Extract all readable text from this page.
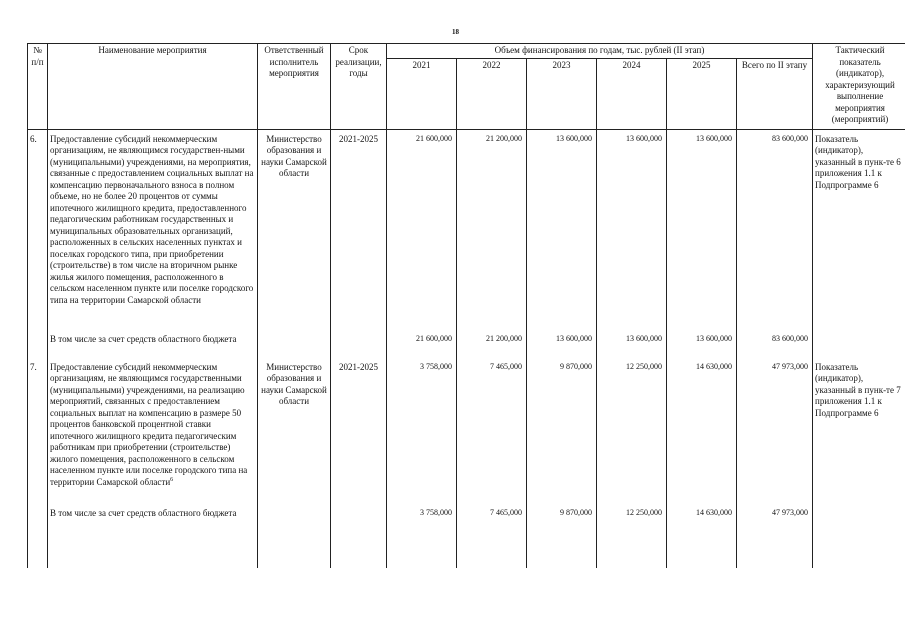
18
№ п/п	Наименование мероприятия	Ответственный исполнитель мероприятия	Срок реализации, годы	Объем финансирования по годам, тыс. рублей (II этап)						Тактический показатель (индикатор), характеризующий выполнение мероприятия (мероприятий)
				2021	2022	2023	2024	2025	Всего по II этапу	
6.	Предоставление субсидий некоммерческим организациям, не являющимся государствен-ными (муниципальными) учреждениями, на мероприятия, связанные с предоставлением социальных выплат на компенсацию первоначального взноса в полном объеме, но не более 20 процентов от суммы ипотечного жилищного кредита, предоставленного педагогическим работникам государственных и муниципальных образовательных организаций, расположенных в сельских населенных пунктах и поселках городского типа, при приобретении (строительстве) в том числе на вторичном рынке жилья жилого помещения, расположенного в сельском населенном пункте или поселке городского типа на территории Самарской области	Министерство образования и науки Самарской области	2021-2025	21 600,000	21 200,000	13 600,000	13 600,000	13 600,000	83 600,000	Показатель (индикатор), указанный в пунк-те 6 приложения 1.1 к Подпрограмме 6
	В том числе за счет средств областного бюджета			21 600,000	21 200,000	13 600,000	13 600,000	13 600,000	83 600,000	
7.	Предоставление субсидий некоммерческим организациям, не являющимся государственными (муниципальными) учреждениями, на реализацию мероприятий, связанных с предоставлением социальных выплат на компенсацию в размере 50 процентов банковской процентной ставки ипотечного жилищного кредита педагогическим работникам при приобретении (строительстве) жилого помещения, расположенного в сельском населенном пункте или поселке городского типа на территории Самарской области$^6$	Министерство образования и науки Самарской области	2021-2025	3 758,000	7 465,000	9 870,000	12 250,000	14 630,000	47 973,000	Показатель (индикатор), указанный в пунк-те 7 приложения 1.1 к Подпрограмме 6
	В том числе за счет средств областного бюджета			3 758,000	7 465,000	9 870,000	12 250,000	14 630,000	47 973,000	
